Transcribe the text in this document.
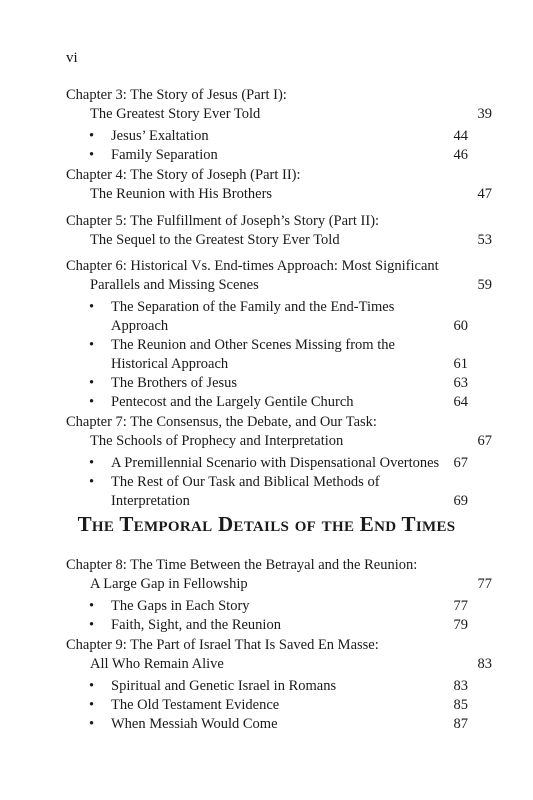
vi
Chapter 3: The Story of Jesus (Part I):
The Greatest Story Ever Told	39
• Jesus’ Exaltation	44
• Family Separation	46
Chapter 4: The Story of Joseph (Part II):
The Reunion with His Brothers	47
Chapter 5: The Fulfillment of Joseph’s Story (Part II):
The Sequel to the Greatest Story Ever Told	53
Chapter 6: Historical Vs. End-times Approach: Most Significant
Parallels and Missing Scenes	59
• The Separation of the Family and the End-Times
Approach	60
• The Reunion and Other Scenes Missing from the
Historical Approach	61
• The Brothers of Jesus	63
• Pentecost and the Largely Gentile Church	64
Chapter 7: The Consensus, the Debate, and Our Task:
The Schools of Prophecy and Interpretation	67
• A Premillennial Scenario with Dispensational Overtones 67
• The Rest of Our Task and Biblical Methods of
Interpretation	69
Chapter 8: The Time Between the Betrayal and the Reunion:
A Large Gap in Fellowship	77
• The Gaps in Each Story	77
• Faith, Sight, and the Reunion	79
Chapter 9: The Part of Israel That Is Saved En Masse:
All Who Remain Alive	83
• Spiritual and Genetic Israel in Romans	83
• The Old Testament Evidence	85
• When Messiah Would Come	87
The Temporal Details of the End Times
